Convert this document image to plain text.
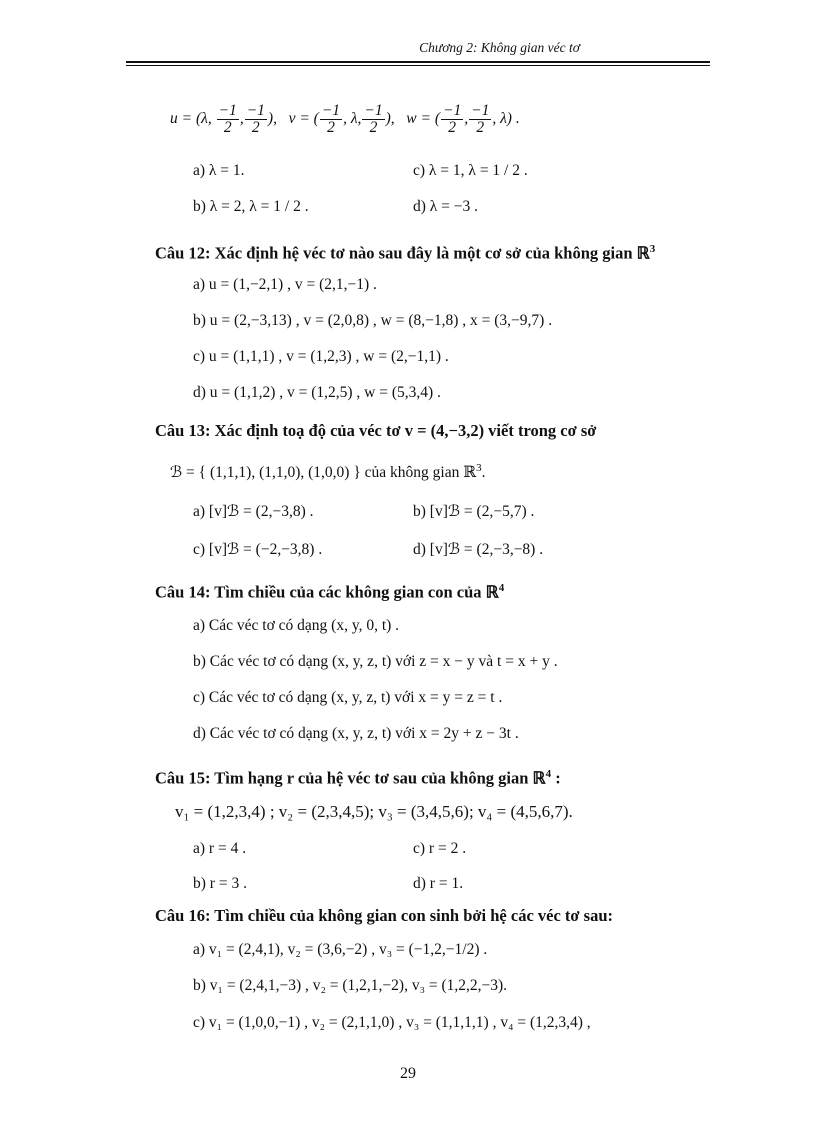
Chương 2: Không gian véc tơ
u = (λ, $\frac{-1}{2}$ , $\frac{-1}{2}$ ), v = ( $\frac{-1}{2}$ , λ, $\frac{-1}{2}$ ), w = ( $\frac{-1}{2}$ , $\frac{-1}{2}$ , λ) .
a) λ = 1.	c) λ = 1, λ = 1 / 2 .
b) λ = 2, λ = 1 / 2 .	d) λ = −3 .
Câu 12: Xác định hệ véc tơ nào sau đây là một cơ sở của không gian ℝ$^3$
a) u = (1,−2,1) , v = (2,1,−1) .
b) u = (2,−3,13) , v = (2,0,8) , w = (8,−1,8) , x = (3,−9,7) .
c) u = (1,1,1) , v = (1,2,3) , w = (2,−1,1) .
d) u = (1,1,2) , v = (1,2,5) , w = (5,3,4) .
Câu 13: Xác định toạ độ của véc tơ v = (4,−3,2) viết trong cơ sở
ℬ = { (1,1,1), (1,1,0), (1,0,0) } của không gian ℝ$^3$.
a) [v]ℬ = (2,−3,8) .	b) [v]ℬ = (2,−5,7) .
c) [v]ℬ = (−2,−3,8) .	d) [v]ℬ = (2,−3,−8) .
Câu 14: Tìm chiều của các không gian con của ℝ$^4$
a) Các véc tơ có dạng (x, y, 0, t) .
b) Các véc tơ có dạng (x, y, z, t) với z = x − y và t = x + y .
c) Các véc tơ có dạng (x, y, z, t) với x = y = z = t .
d) Các véc tơ có dạng (x, y, z, t) với x = 2y + z − 3t .
Câu 15: Tìm hạng r của hệ véc tơ sau của không gian ℝ$^4$ :
v₁ = (1,2,3,4) ; v₂ = (2,3,4,5); v₃ = (3,4,5,6); v₄ = (4,5,6,7).
a) r = 4 .	c) r = 2 .
b) r = 3 .	d) r = 1.
Câu 16: Tìm chiều của không gian con sinh bởi hệ các véc tơ sau:
a) v₁ = (2,4,1), v₂ = (3,6,−2) , v₃ = (−1,2,−1/2) .
b) v₁ = (2,4,1,−3) , v₂ = (1,2,1,−2), v₃ = (1,2,2,−3).
c) v₁ = (1,0,0,−1) , v₂ = (2,1,1,0) , v₃ = (1,1,1,1) , v₄ = (1,2,3,4) ,
29
